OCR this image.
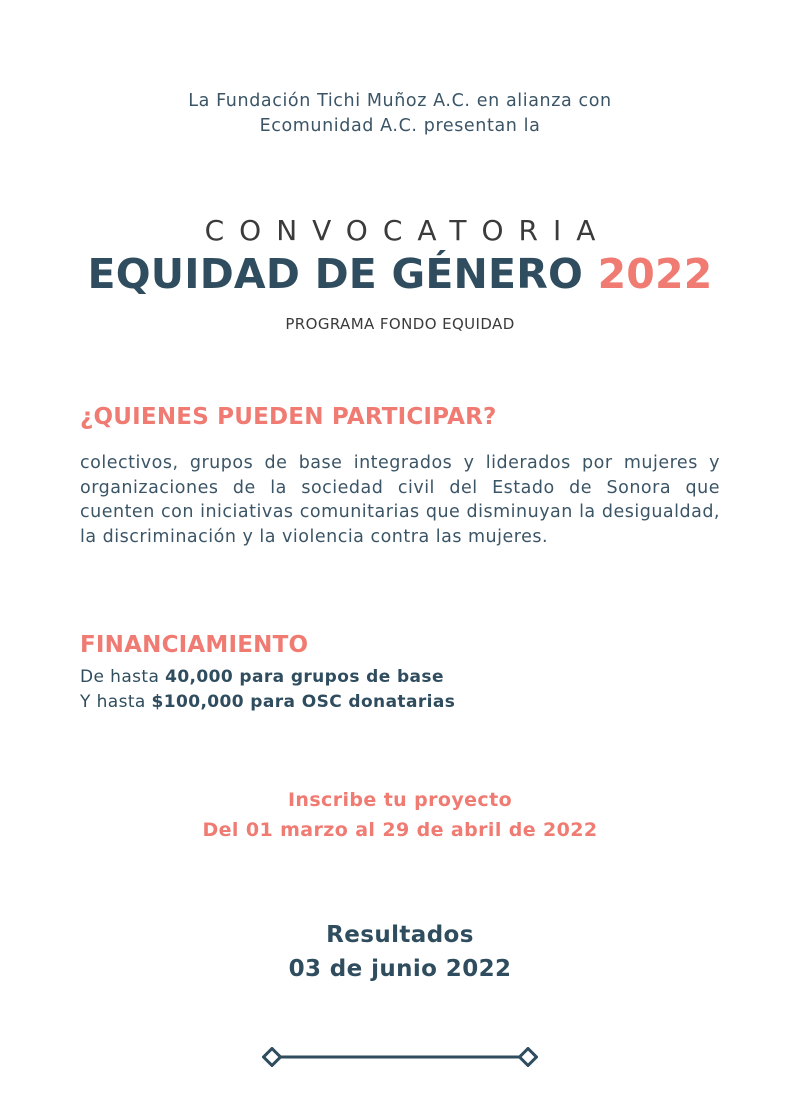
La Fundación Tichi Muñoz A.C. en alianza con
Ecomunidad A.C. presentan la
CONVOCATORIA
EQUIDAD DE GÉNERO 2022
PROGRAMA FONDO EQUIDAD
¿QUIENES PUEDEN PARTICIPAR?
colectivos, grupos de base integrados y liderados por mujeres y organizaciones de la sociedad civil del Estado de Sonora que cuenten con iniciativas comunitarias que disminuyan la desigualdad, la discriminación y la violencia contra las mujeres.
FINANCIAMIENTO
De hasta 40,000 para grupos de base
Y hasta $100,000 para OSC donatarias
Inscribe tu proyecto
Del 01 marzo al 29 de abril de 2022
Resultados
03 de junio 2022
